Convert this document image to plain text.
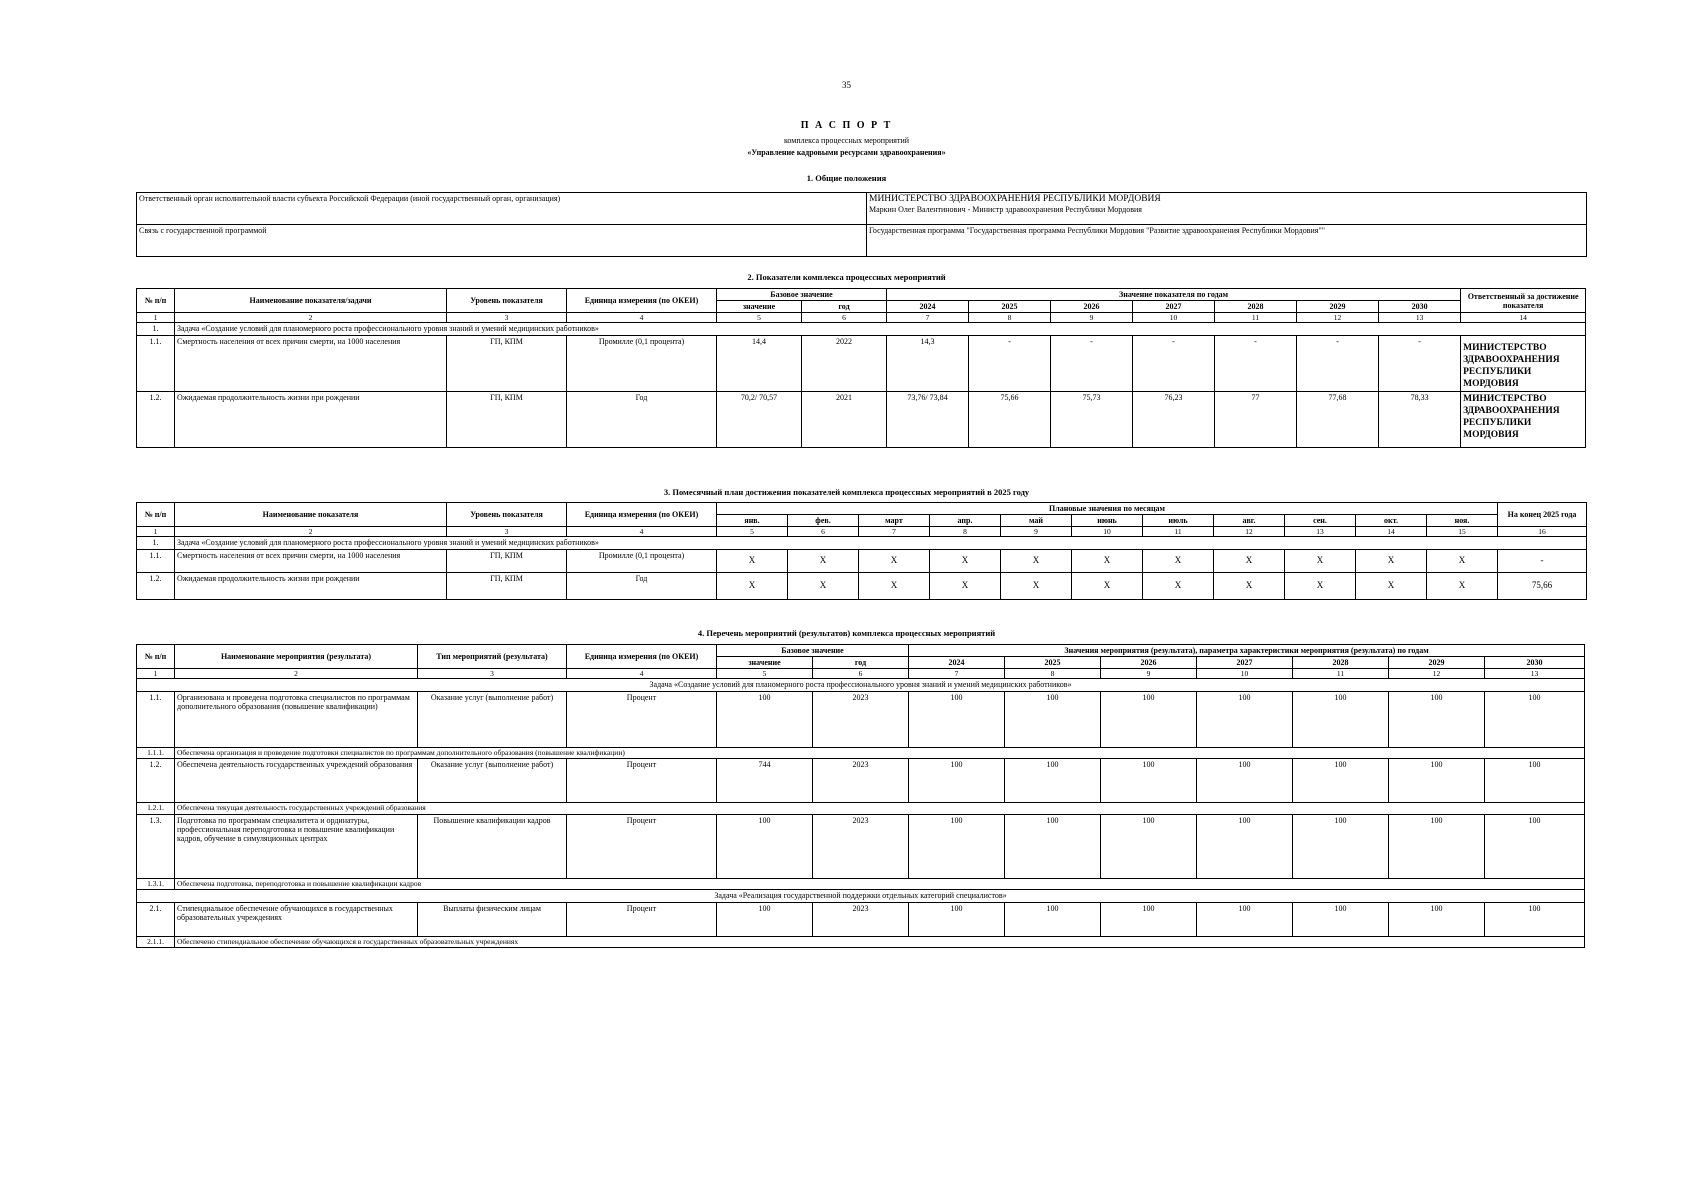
35
П А С П О Р Т
комплекса процессных мероприятий
«Управление кадровыми ресурсами здравоохранения»
1. Общие положения
Ответственный орган исполнительной власти субъекта Российской Федерации (иной государственный орган, организация)	МИНИСТЕРСТВО ЗДРАВООХРАНЕНИЯ РЕСПУБЛИКИ МОРДОВИЯ
Маркин Олег Валентинович - Министр здравоохранения Республики Мордовия

Связь с государственной программой	Государственная программа "Государственная программа Республики Мордовия "Развитие здравоохранения Республики Мордовия""
2. Показатели комплекса процессных мероприятий
№ п/п	Наименование показателя/задачи	Уровень показателя	Единица измерения (по ОКЕИ)	Базовое значение		Значение показателя по годам							Ответственный за достижение показателя
				значение	год	2024	2025	2026	2027	2028	2029	2030	
1	2	3	4	5	6	7	8	9	10	11	12	13	14
1.	Задача «Создание условий для планомерного роста профессионального уровня знаний и умений медицинских работников»												
1.1.	Смертность населения от всех причин смерти, на 1000 населения	ГП, КПМ	Промилле (0,1 процента)	14,4	2022	14,3	-	-	-	-	-	-	МИНИСТЕРСТВО ЗДРАВООХРАНЕНИЯ РЕСПУБЛИКИ МОРДОВИЯ
1.2.	Ожидаемая продолжительность жизни при рождении	ГП, КПМ	Год	70,2/ 70,57	2021	73,76/ 73,84	75,66	75,73	76,23	77	77,68	78,33	МИНИСТЕРСТВО ЗДРАВООХРАНЕНИЯ РЕСПУБЛИКИ МОРДОВИЯ
3. Помесячный план достижения показателей комплекса процессных мероприятий в 2025 году
№ п/п	Наименование показателя	Уровень показателя	Единица измерения (по ОКЕИ)	Плановые значения по месяцам											На конец 2025 года
				янв.	фев.	март	апр.	май	июнь	июль	авг.	сен.	окт.	ноя.	
1	2	3	4	5	6	7	8	9	10	11	12	13	14	15	16
1.	Задача «Создание условий для планомерного роста профессионального уровня знаний и умений медицинских работников»														
1.1.	Смертность населения от всех причин смерти, на 1000 населения	ГП, КПМ	Промилле (0,1 процента)	X	X	X	X	X	X	X	X	X	X	X	-
1.2.	Ожидаемая продолжительность жизни при рождении	ГП, КПМ	Год	X	X	X	X	X	X	X	X	X	X	X	75,66
4. Перечень мероприятий (результатов) комплекса процессных мероприятий
№ п/п	Наименование мероприятия (результата)	Тип мероприятий (результата)	Единица измерения (по ОКЕИ)	Базовое значение		Значения мероприятия (результата), параметра характеристики мероприятия (результата) по годам						
				значение	год	2024	2025	2026	2027	2028	2029	2030
1	2	3	4	5	6	7	8	9	10	11	12	13
Задача «Создание условий для планомерного роста профессионального уровня знаний и умений медицинских работников»												
1.1.	Организована и проведена подготовка специалистов по программам дополнительного образования (повышение квалификации)	Оказание услуг (выполнение работ)	Процент	100	2023	100	100	100	100	100	100	100
1.1.1.	Обеспечена организация и проведение подготовки специалистов по программам дополнительного образования (повышение квалификации)											
1.2.	Обеспечена деятельность государственных учреждений образования	Оказание услуг (выполнение работ)	Процент	744	2023	100	100	100	100	100	100	100
1.2.1.	Обеспечена текущая деятельность государственных учреждений образования											
1.3.	Подготовка по программам специалитета и ординатуры, профессиональная переподготовка и повышение квалификации кадров, обучение в симуляционных центрах	Повышение квалификации кадров	Процент	100	2023	100	100	100	100	100	100	100
1.3.1.	Обеспечена подготовка, переподготовка и повышение квалификации кадров											
Задача «Реализация государственной поддержки отдельных категорий специалистов»												
2.1.	Стипендиальное обеспечение обучающихся в государственных образовательных учреждениях	Выплаты физическим лицам	Процент	100	2023	100	100	100	100	100	100	100
2.1.1.	Обеспечено стипендиальное обеспечение обучающихся в государственных образовательных учреждениях											
